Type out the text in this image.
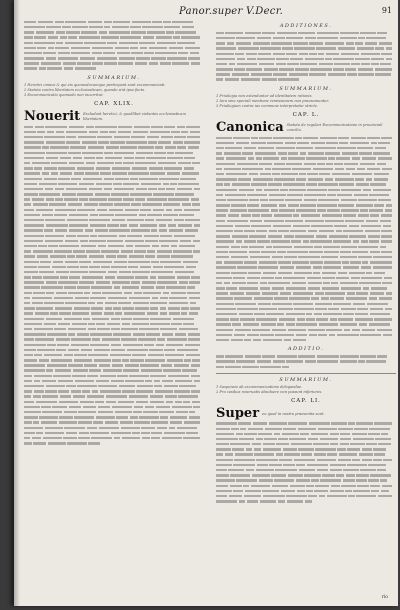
Panor.super V.Decr.	91
SUMMARIUM.
1 Heretici omnes & qui eis quomodocumque participant sunt excommunicati.
2 Statuta contra libertatem ecclesiasticam, quando sint ipso facto.
3 Excommunicatio quomodo non incurritur.
CAP. XLIX.
Nouerit Excludunt heretici, & quodlibet violantes ecclesiasticam libertatem.
ADDITIONES.
SUMMARIUM.
1 Priuilegia non extenduntur ad identitatem rationis.
2 Iura sine speciali mentione remissionem non praesumuntur.
3 Priuilegium contra ius commune interpretatur stricte.
CAP. L.
Canonica Statuta de regulari Excommunicatione in prouinciali concilio.
ADDITIO.
SUMMARIUM.
1 Suspensio ab excommunicatione delegandae.
2 Pro casibus reseruatis absoluere non possunt inferiores.
CAP. LI.
Super eo quod in nostra praesentia sunt.
rio
